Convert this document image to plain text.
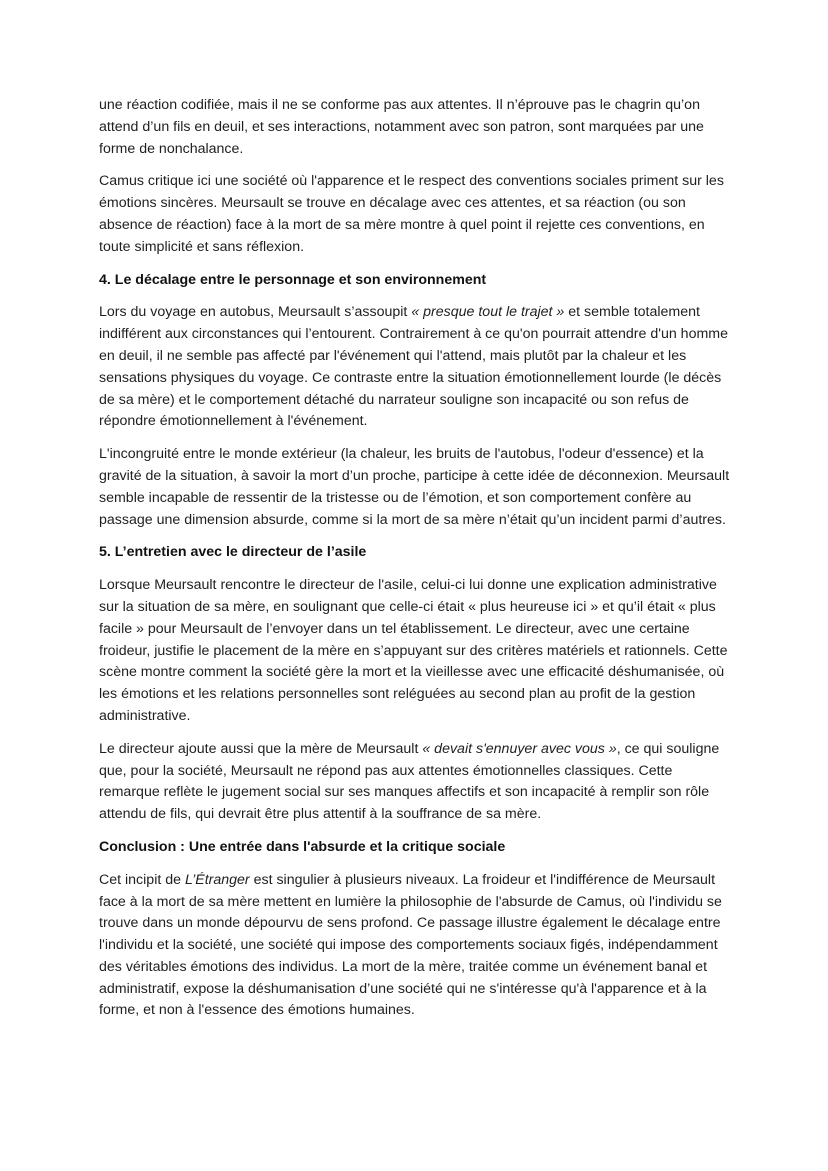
une réaction codifiée, mais il ne se conforme pas aux attentes. Il n’éprouve pas le chagrin qu’on attend d’un fils en deuil, et ses interactions, notamment avec son patron, sont marquées par une forme de nonchalance.

Camus critique ici une société où l'apparence et le respect des conventions sociales priment sur les émotions sincères. Meursault se trouve en décalage avec ces attentes, et sa réaction (ou son absence de réaction) face à la mort de sa mère montre à quel point il rejette ces conventions, en toute simplicité et sans réflexion.

4. Le décalage entre le personnage et son environnement

Lors du voyage en autobus, Meursault s’assoupit « presque tout le trajet » et semble totalement indifférent aux circonstances qui l’entourent. Contrairement à ce qu'on pourrait attendre d'un homme en deuil, il ne semble pas affecté par l'événement qui l'attend, mais plutôt par la chaleur et les sensations physiques du voyage. Ce contraste entre la situation émotionnellement lourde (le décès de sa mère) et le comportement détaché du narrateur souligne son incapacité ou son refus de répondre émotionnellement à l'événement.

L'incongruité entre le monde extérieur (la chaleur, les bruits de l'autobus, l'odeur d'essence) et la gravité de la situation, à savoir la mort d’un proche, participe à cette idée de déconnexion. Meursault semble incapable de ressentir de la tristesse ou de l’émotion, et son comportement confère au passage une dimension absurde, comme si la mort de sa mère n’était qu’un incident parmi d’autres.

5. L’entretien avec le directeur de l’asile

Lorsque Meursault rencontre le directeur de l'asile, celui-ci lui donne une explication administrative sur la situation de sa mère, en soulignant que celle-ci était « plus heureuse ici » et qu’il était « plus facile » pour Meursault de l’envoyer dans un tel établissement. Le directeur, avec une certaine froideur, justifie le placement de la mère en s’appuyant sur des critères matériels et rationnels. Cette scène montre comment la société gère la mort et la vieillesse avec une efficacité déshumanisée, où les émotions et les relations personnelles sont reléguées au second plan au profit de la gestion administrative.

Le directeur ajoute aussi que la mère de Meursault « devait s'ennuyer avec vous », ce qui souligne que, pour la société, Meursault ne répond pas aux attentes émotionnelles classiques. Cette remarque reflète le jugement social sur ses manques affectifs et son incapacité à remplir son rôle attendu de fils, qui devrait être plus attentif à la souffrance de sa mère.

Conclusion : Une entrée dans l'absurde et la critique sociale

Cet incipit de L’Étranger est singulier à plusieurs niveaux. La froideur et l'indifférence de Meursault face à la mort de sa mère mettent en lumière la philosophie de l'absurde de Camus, où l'individu se trouve dans un monde dépourvu de sens profond. Ce passage illustre également le décalage entre l'individu et la société, une société qui impose des comportements sociaux figés, indépendamment des véritables émotions des individus. La mort de la mère, traitée comme un événement banal et administratif, expose la déshumanisation d’une société qui ne s'intéresse qu'à l'apparence et à la forme, et non à l'essence des émotions humaines.
